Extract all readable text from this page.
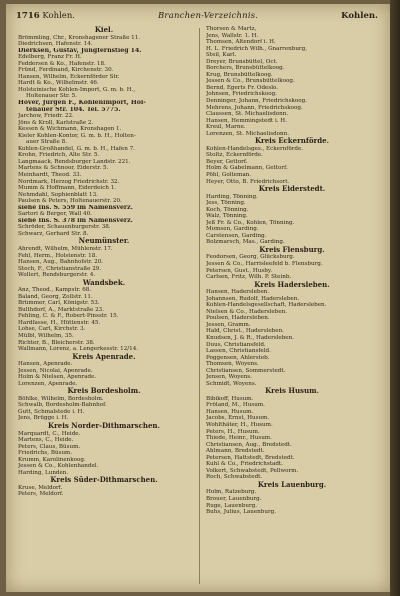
1716 Kohlen.	Branchen-Verzeichnis.	Kohlen.
Kiel.
Brömmling, Chr., Kronshagener Straße 11.
Diedrichsen, Hafenstr. 14.
Dierksen, Gustav, Jungfernstieg 14.
Edelberg, Franz Fr. H.
Feddersen & Ko., Hafenstr. 18.
Fründ, Ferdinand, Kirchenstr. 30.
Hansen, Wilhelm, Eckernförder Str.
Hardt & Ko., Wilhelmstr. 46.
Holsteinische Kohlen-Import, G. m. b. H.,
Holtenauer Str. 5.
Höver, Jürgen F., Kohlenimport, Hol-
tenauer Str. 104. Tel. 5775.
Jarchow, Friedr. 22.
Jöns & Kroll, Karlstraße 2.
Kessen & Wichmann, Kronshagen 1.
Kieler Kohlen-Kontor, G. m. b. H., Holten-
auer Straße 8.
Kohlen-Großhandel, G. m. b. H., Hafen 7.
Krohn, Friedrich, Alte Str. 5.
Langmaack, Rendsburger Landstr. 221.
Martens & Schnoor, Eiderstr. 5.
Meinhardt, Theod. 33.
Nordmark, Herzog Friedrichstr. 32.
Mumm & Hoffmann, Eiderdeich 1.
Nehmdahl, Sophienblatt 13.
Paulsen & Peters, Holtenauerstr. 20.
siehe Ins. S. 559 im Namensverz.
Sartori & Berger, Wall 40.
siehe Ins. S. 378 im Namensverz.
Schröder, Schauenburgerstr. 38.
Schwarz, Gerhard Str. 8.
Neumünster.
Ahrendt, Wilhelm, Mühlenstr. 17.
Fehl, Herm., Holstenstr. 18.
Hansen, Aug., Bahnhofstr. 20.
Stoch, F., Christianstraße 29.
Wollert, Rendsburgerstr. 4.
Wandsbek.
Anz, Theod., Kampstr. 68.
Baland, Georg, Zollstr. 11.
Brümmer, Carl, Königstr. 53.
Bulthdorf, A., Marktstraße 23.
Fehling, C. & F., Robert-Pinsstr. 15.
Hardfasse, H., Hüttenstr. 45.
Lohse, Carl, Kirchstr. 3.
Mülbl, Wilhelm, 35.
Richter, B., Bleicherstr. 38.
Wallmann, Lorenz, a. Lengerkesstr. 12/14.
Kreis Apenrade.
Hansen, Apenrade.
Jessen, Nicolai, Apenrade.
Holm & Nielsen, Apenrade.
Lorenzen, Apenrade.
Kreis Bordesholm.
Böhlke, Wilhelm, Bordesholm.
Schwalb, Bordesholm-Bahnhof.
Gutt, Schmalstede i. H.
Jens, Brügge i. H.
Kreis Norder-Dithmarschen.
Marquardt, C., Heide.
Martens, C., Heide.
Peters, Claus, Büsum.
Friedrichs, Büsum.
Krumm, Karolinenkoog.
Jessen & Co., Kohlenhandel.
Harding, Lunden.
Kreis Süder-Dithmarschen.
Kruse, Meldorf.
Peters, Meldorf.
Thorsen & Martz,
Jens, Wallstr. 1. H.
Thomsen, Altendorf i. H.
H. L. Friedrich Wilh., Gnarrenburg,
Steil, Karl.
Dreyer, Brunsbüttel, Oct.
Borchers, Brunsbüttelkoog.
Krug, Brunsbüttelkoog.
Jessen & Co., Brunsbüttelkoog.
Bernd, Egerts Fr. Odeslo.
Johnsen, Friedrichskoog.
Denninger, Johann, Friedrichskoog.
Mehrens, Johann, Friedrichskoog.
Claussen, St. Michaelisdonn.
Hansen, Hemmingstedt i. H.
Kreul, Marne.
Lorenzen, St. Michaelisdonn.
Kreis Eckernförde.
Kohlen-Handelsges., Eckernförde.
Stoltz, Eckernförde.
Beyer, Gettorf.
Holm & Gabelmann, Gettorf.
Pöhl, Golteman.
Heyer, Otto, B. Friedrichsort.
Kreis Eiderstedt.
Harding, Tönning.
Jess, Tönning.
Koch, Tönning.
Walz, Tönning.
Jeß Fr. & Co., Kohlen, Tönning.
Momsen, Garding.
Carstensen, Garding.
Bolzmarsch, Mas., Garding.
Kreis Flensburg.
Feodorsen, Georg, Glücksburg.
Jessen & Co., Harrisleefeld b. Flensburg.
Petersen, Gust., Husby.
Carlsen, Fritz, Wilh. P. Steinb.
Kreis Hadersleben.
Hansen, Hadersleben.
Johannsen, Rudolf, Hadersleben.
Kohlen-Handelsgesellschaft, Hadersleben.
Nielsen & Co., Hadersleben.
Poulsen, Hadersleben.
Jessen, Gramm.
Hald, Christ., Hadersleben.
Knudsen, J. & R., Hadersleben.
Duus, Christiansfeld.
Lassen, Christiansfeld.
Poggensen, Ahlersteb.
Thomsen, Woyens.
Christiansen, Sommerstedt.
Jensen, Woyens.
Schmidt, Woyens.
Kreis Husum.
Bibikoff, Husum.
Fröland, M., Husum.
Hansen, Husum.
Jacobs, Ernst, Husum.
Wohlthäter, H., Husum.
Peters, H., Husum.
Thiede, Heinr., Husum.
Christiansen, Aug., Bredstedt.
Ahlmann, Bredstedt.
Petersen, Hattstedt, Bredstedt.
Kuhl & Co., Friedrichstadt.
Volkert, Schwabstedt, Pellworm.
Roch, Schwabstedt.
Kreis Lauenburg.
Holm, Ratzeburg.
Brouer, Lauenburg.
Ruge, Lauenburg.
Buhs, Julius, Lauenburg.
